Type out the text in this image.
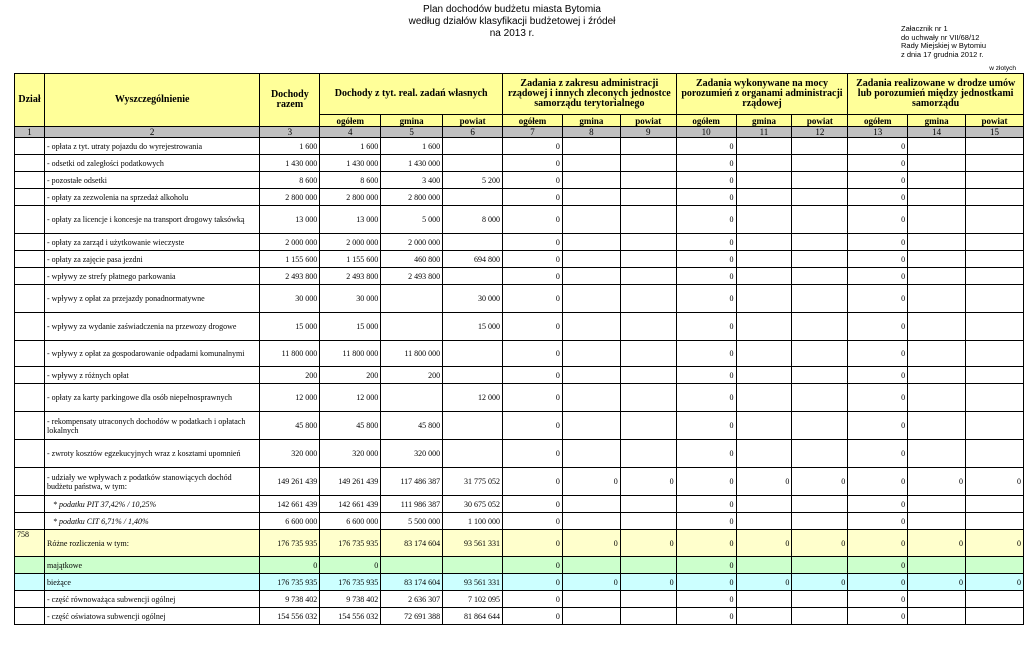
Plan dochodów budżetu miasta Bytomia
według działów klasyfikacji budżetowej i źródeł
na 2013 r.	Załacznik nr 1
do uchwały nr VII/68/12
Rady Miejskiej w Bytomiu
z dnia 17 grudnia 2012 r.
w złotych
Dział	Wyszczególnienie	Dochody razem	Dochody z tyt. real. zadań własnych			Zadania z zakresu administracji rządowej i innych zleconych jednostce samorządu terytorialnego			Zadania wykonywane na mocy porozumień z organami administracji rządowej			Zadania realizowane w drodze umów lub porozumień między jednostkami samorządu		
			ogółem	gmina	powiat	ogółem	gmina	powiat	ogółem	gmina	powiat	ogółem	gmina	powiat
1	2	3	4	5	6	7	8	9	10	11	12	13	14	15
	- opłata z tyt. utraty pojazdu do wyrejestrowania	1 600	1 600	1 600		0			0			0		
	- odsetki od zaległości podatkowych	1 430 000	1 430 000	1 430 000		0			0			0		
	- pozostałe odsetki	8 600	8 600	3 400	5 200	0			0			0		
	- opłaty za zezwolenia na sprzedaż alkoholu	2 800 000	2 800 000	2 800 000		0			0			0		
	- opłaty za licencje i koncesje na transport drogowy taksówką	13 000	13 000	5 000	8 000	0			0			0		
	- opłaty za zarząd i użytkowanie wieczyste	2 000 000	2 000 000	2 000 000		0			0			0		
	- opłaty za zajęcie pasa jezdni	1 155 600	1 155 600	460 800	694 800	0			0			0		
	- wpływy ze strefy płatnego parkowania	2 493 800	2 493 800	2 493 800		0			0			0		
	- wpływy z opłat za przejazdy ponadnormatywne	30 000	30 000		30 000	0			0			0		
	- wpływy za wydanie zaświadczenia na przewozy drogowe	15 000	15 000		15 000	0			0			0		
	- wpływy z opłat za gospodarowanie odpadami komunalnymi	11 800 000	11 800 000	11 800 000		0			0			0		
	- wpływy z różnych opłat	200	200	200		0			0			0		
	- opłaty za karty parkingowe dla osób niepełnosprawnych	12 000	12 000		12 000	0			0			0		
	- rekompensaty utraconych dochodów w podatkach i opłatach lokalnych	45 800	45 800	45 800		0			0			0		
	- zwroty kosztów egzekucyjnych wraz z kosztami upomnień	320 000	320 000	320 000		0			0			0		
	- udziały we wpływach z podatków stanowiących dochód budżetu państwa, w tym:	149 261 439	149 261 439	117 486 387	31 775 052	0	0	0	0	0	0	0	0	0
	* podatku PIT 37,42% / 10,25%	142 661 439	142 661 439	111 986 387	30 675 052	0			0			0		
	* podatku CIT 6,71% / 1,40%	6 600 000	6 600 000	5 500 000	1 100 000	0			0			0		
758	Różne rozliczenia w tym:	176 735 935	176 735 935	83 174 604	93 561 331	0	0	0	0	0	0	0	0	0
	majątkowe	0	0			0			0			0		
	bieżące	176 735 935	176 735 935	83 174 604	93 561 331	0	0	0	0	0	0	0	0	0
	- część równoważąca subwencji ogólnej	9 738 402	9 738 402	2 636 307	7 102 095	0			0			0		
	- część oświatowa subwencji ogólnej	154 556 032	154 556 032	72 691 388	81 864 644	0			0			0		
